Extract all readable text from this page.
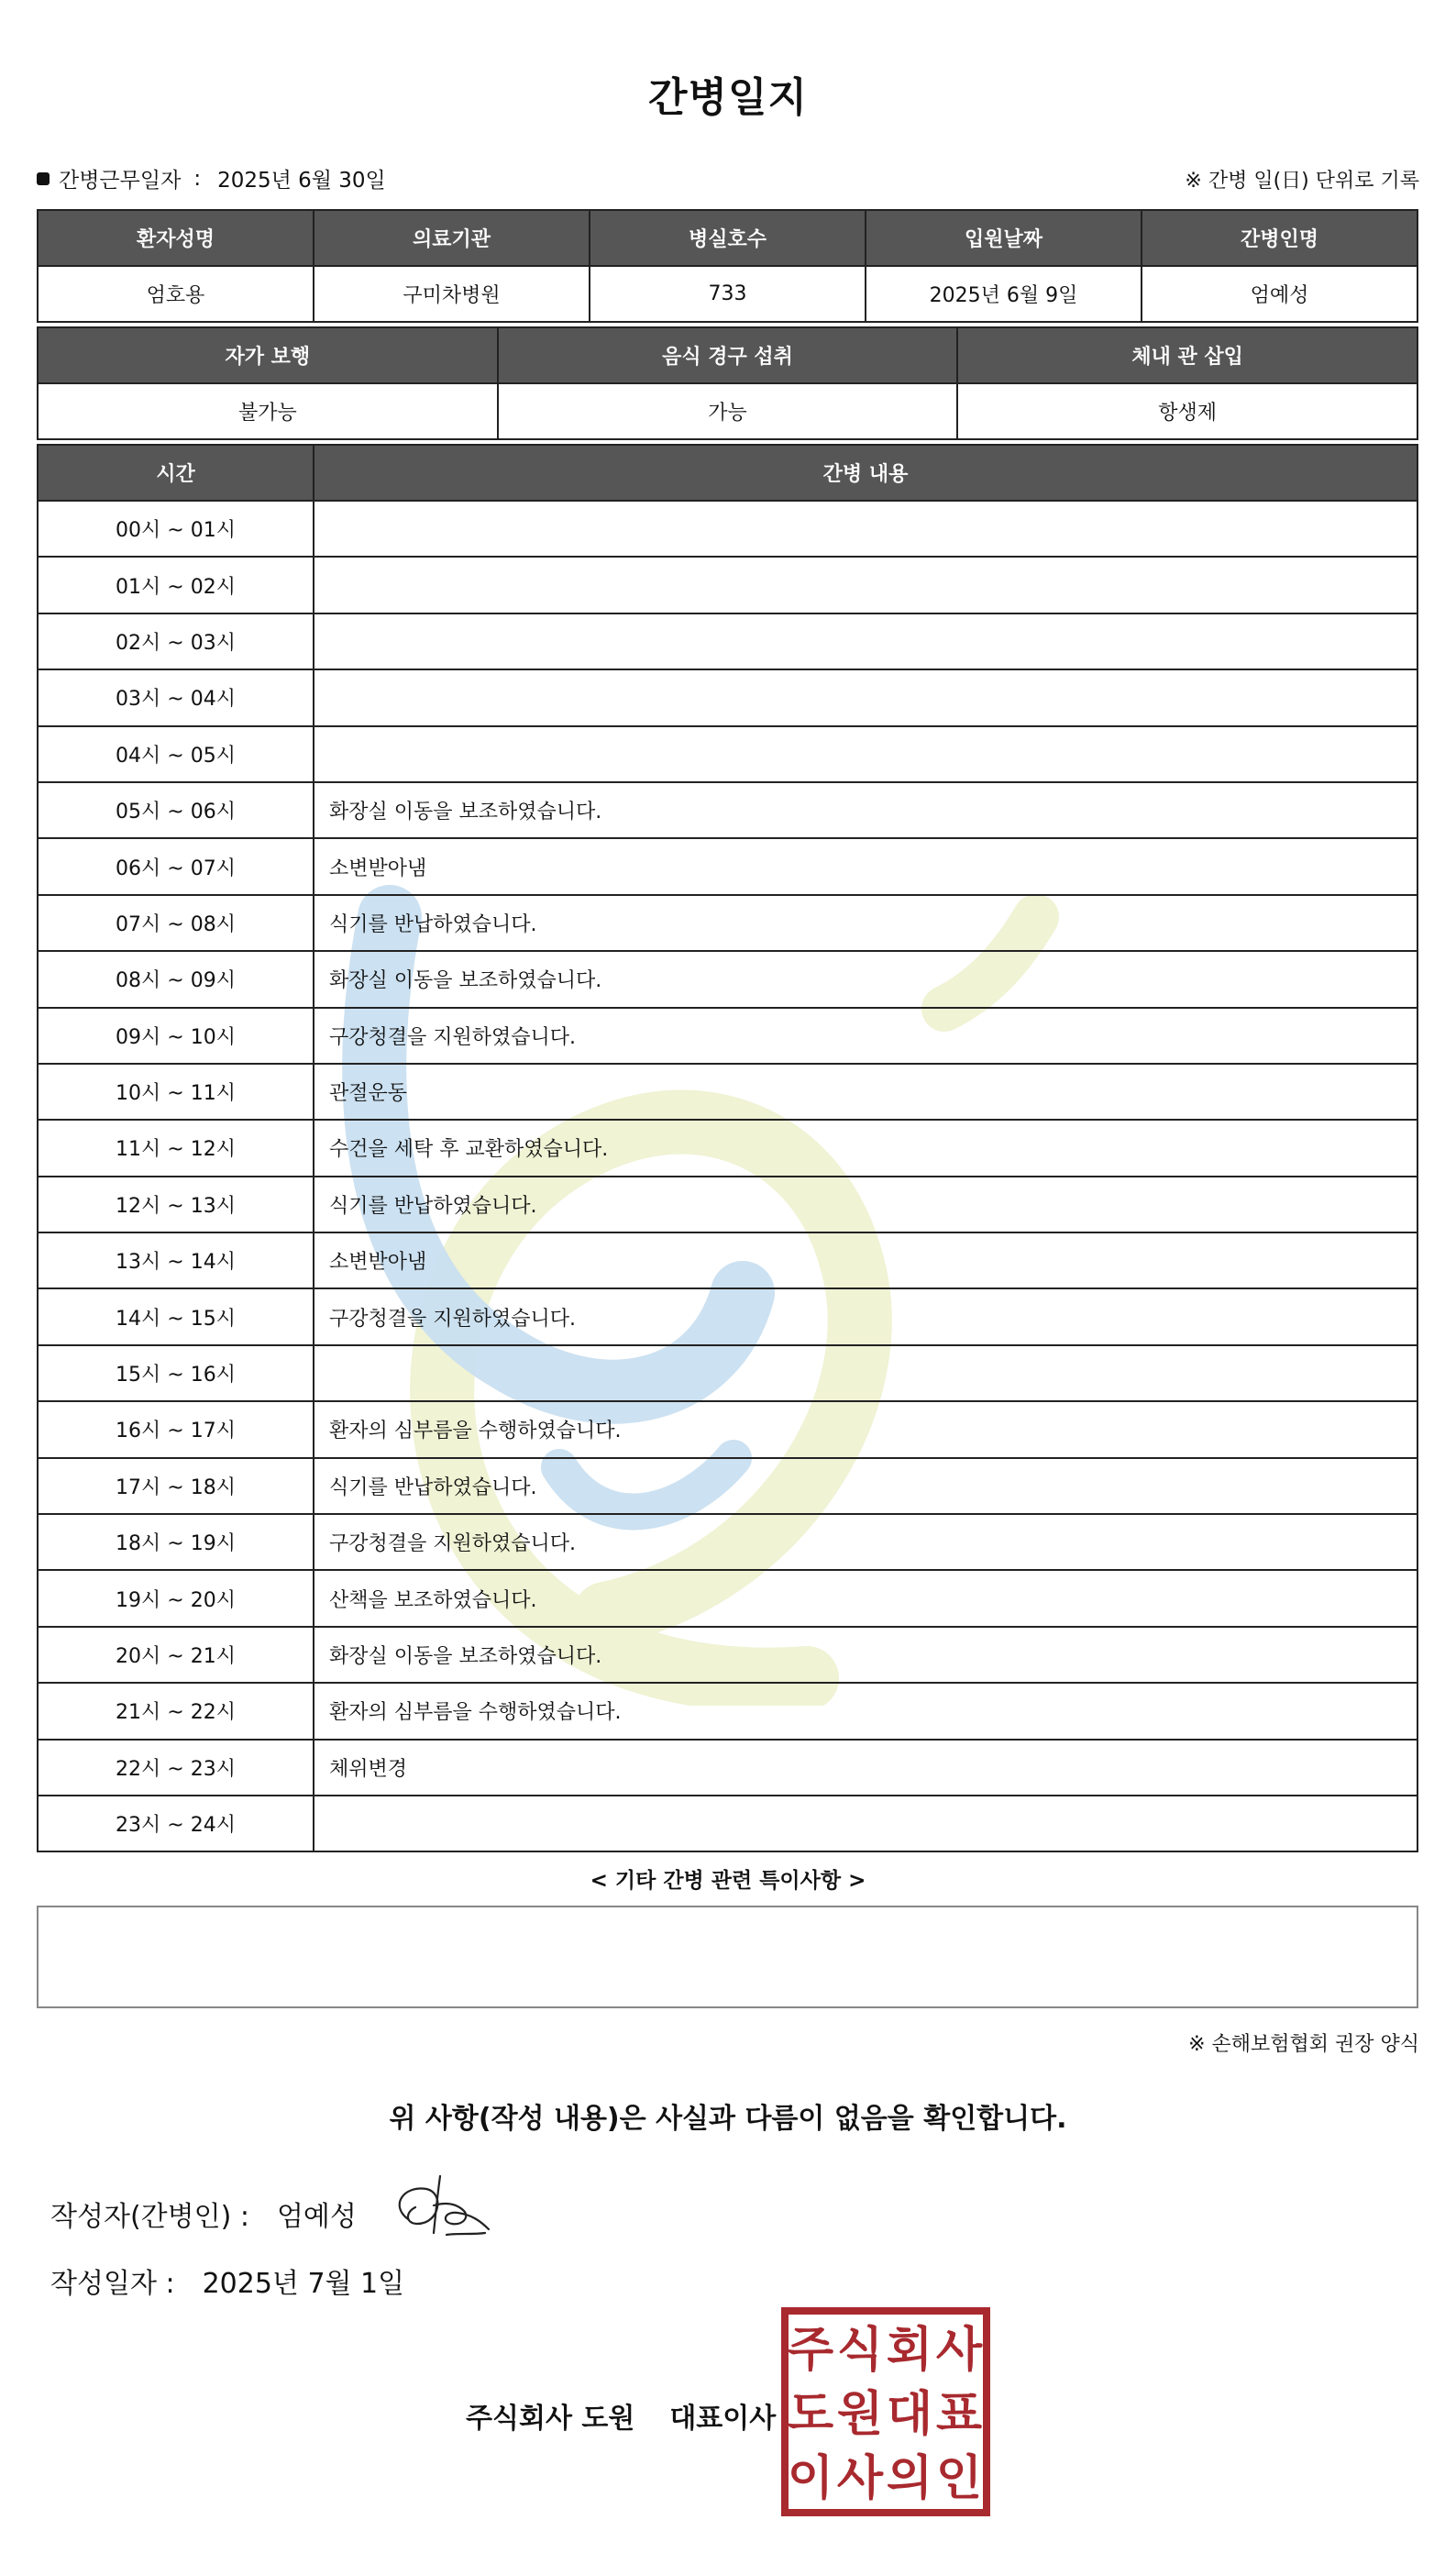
간병일지
간병근무일자 : 2025년 6월 30일	※ 간병 일(日) 단위로 기록
환자성명	의료기관	병실호수	입원날짜	간병인명
엄호용	구미차병원	733	2025년 6월 9일	엄예성
자가 보행	음식 경구 섭취	체내 관 삽입
불가능	가능	항생제
시간	간병 내용
00시 ~ 01시	
01시 ~ 02시	
02시 ~ 03시	
03시 ~ 04시	
04시 ~ 05시	
05시 ~ 06시	화장실 이동을 보조하였습니다.
06시 ~ 07시	소변받아냄
07시 ~ 08시	식기를 반납하였습니다.
08시 ~ 09시	화장실 이동을 보조하였습니다.
09시 ~ 10시	구강청결을 지원하였습니다.
10시 ~ 11시	관절운동
11시 ~ 12시	수건을 세탁 후 교환하였습니다.
12시 ~ 13시	식기를 반납하였습니다.
13시 ~ 14시	소변받아냄
14시 ~ 15시	구강청결을 지원하였습니다.
15시 ~ 16시	
16시 ~ 17시	환자의 심부름을 수행하였습니다.
17시 ~ 18시	식기를 반납하였습니다.
18시 ~ 19시	구강청결을 지원하였습니다.
19시 ~ 20시	산책을 보조하였습니다.
20시 ~ 21시	화장실 이동을 보조하였습니다.
21시 ~ 22시	환자의 심부름을 수행하였습니다.
22시 ~ 23시	체위변경
23시 ~ 24시	
< 기타 간병 관련 특이사항 >
※ 손해보험협회 권장 양식
위 사항(작성 내용)은 사실과 다름이 없음을 확인합니다.
작성자(간병인) : 엄예성
작성일자 : 2025년 7월 1일
주식회사 도원 대표이사
주 식 회 사
도 원 대 표
이 사 의 인
